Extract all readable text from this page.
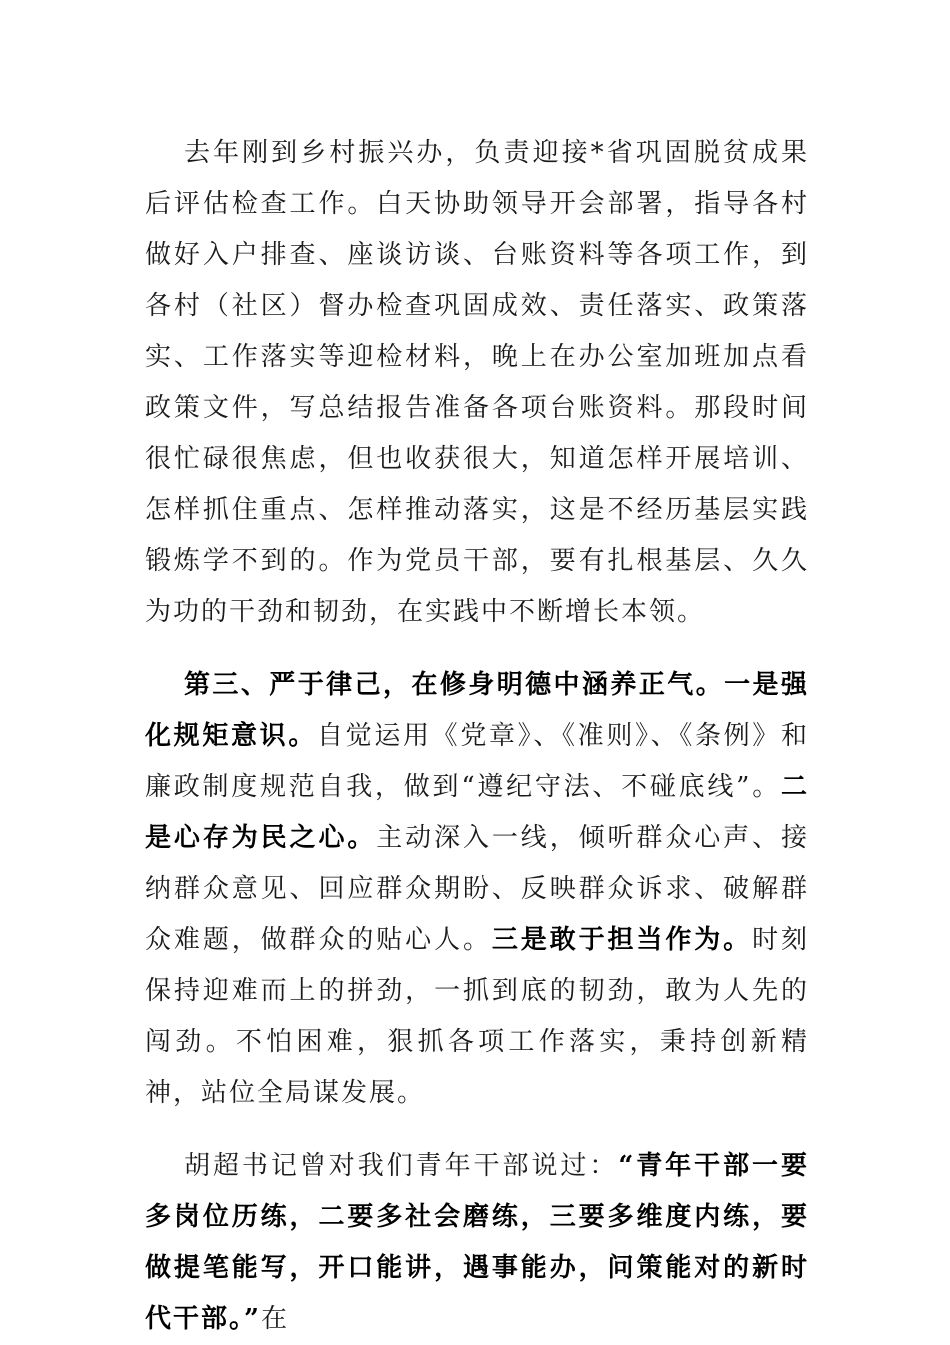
去年刚到乡村振兴办，负责迎接*省巩固脱贫成果后评估检查工作。白天协助领导开会部署，指导各村做好入户排查、座谈访谈、台账资料等各项工作，到各村（社区）督办检查巩固成效、责任落实、政策落实、工作落实等迎检材料，晚上在办公室加班加点看政策文件，写总结报告准备各项台账资料。那段时间很忙碌很焦虑，但也收获很大，知道怎样开展培训、怎样抓住重点、怎样推动落实，这是不经历基层实践锻炼学不到的。作为党员干部，要有扎根基层、久久为功的干劲和韧劲，在实践中不断增长本领。

第三、严于律己，在修身明德中涵养正气。一是强化规矩意识。自觉运用《党章》、《准则》、《条例》和廉政制度规范自我，做到“遵纪守法、不碰底线”。二是心存为民之心。主动深入一线，倾听群众心声、接纳群众意见、回应群众期盼、反映群众诉求、破解群众难题，做群众的贴心人。三是敢于担当作为。时刻保持迎难而上的拼劲，一抓到底的韧劲，敢为人先的闯劲。不怕困难，狠抓各项工作落实，秉持创新精神，站位全局谋发展。

胡超书记曾对我们青年干部说过：“青年干部一要多岗位历练，二要多社会磨练，三要多维度内练，要做提笔能写，开口能讲，遇事能办，问策能对的新时代干部。”在
